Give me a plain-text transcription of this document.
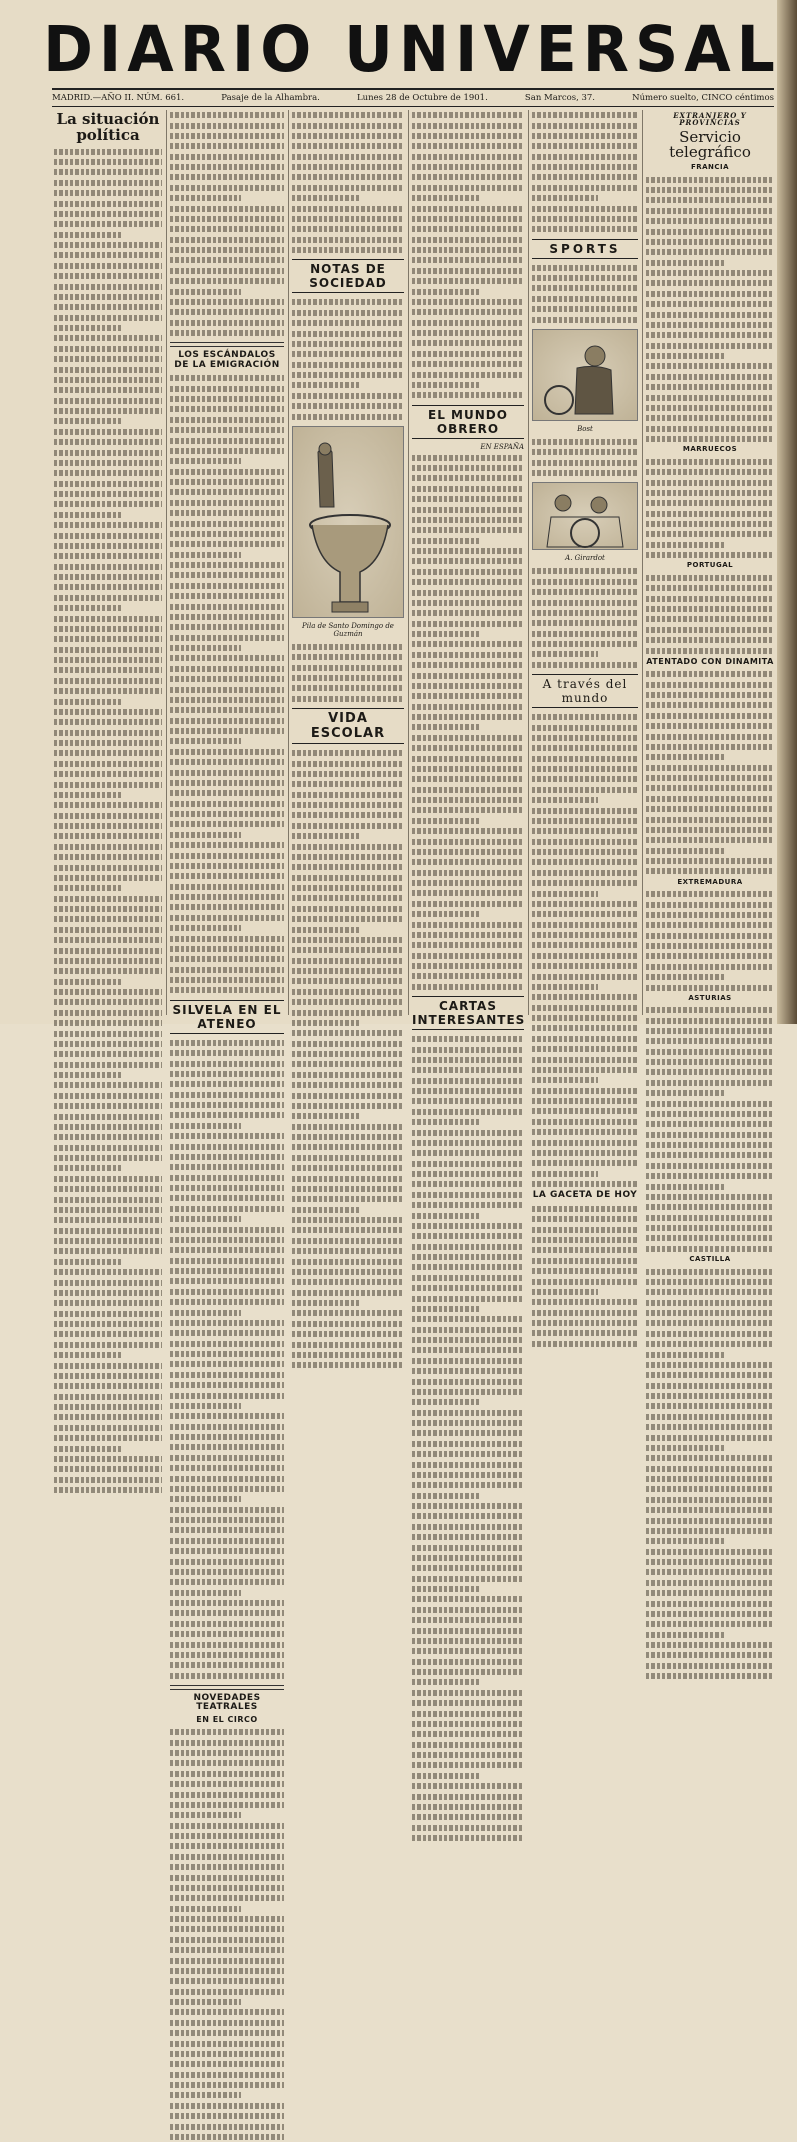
DIARIO UNIVERSAL
MADRID.—AÑO II. NÚM. 661.	Pasaje de la Alhambra.	Lunes 28 de Octubre de 1901.	San Marcos, 37.	Número suelto, CINCO céntimos
La situación política
LOS ESCÁNDALOS DE LA EMIGRACIÓN
SILVELA EN EL ATENEO
NOVEDADES TEATRALES
EN EL CIRCO
NOTAS DE SOCIEDAD
Pila de Santo Domingo de Guzmán
VIDA ESCOLAR
EL MUNDO OBRERO
EN ESPAÑA
CARTAS INTERESANTES
SPORTS
Bost
A. Girardot
A través del mundo
LA GACETA DE HOY
EXTRANJERO Y PROVINCIAS
Servicio telegráfico
FRANCIA
MARRUECOS
PORTUGAL
ATENTADO CON DINAMITA
EXTREMADURA
ASTURIAS
CASTILLA
